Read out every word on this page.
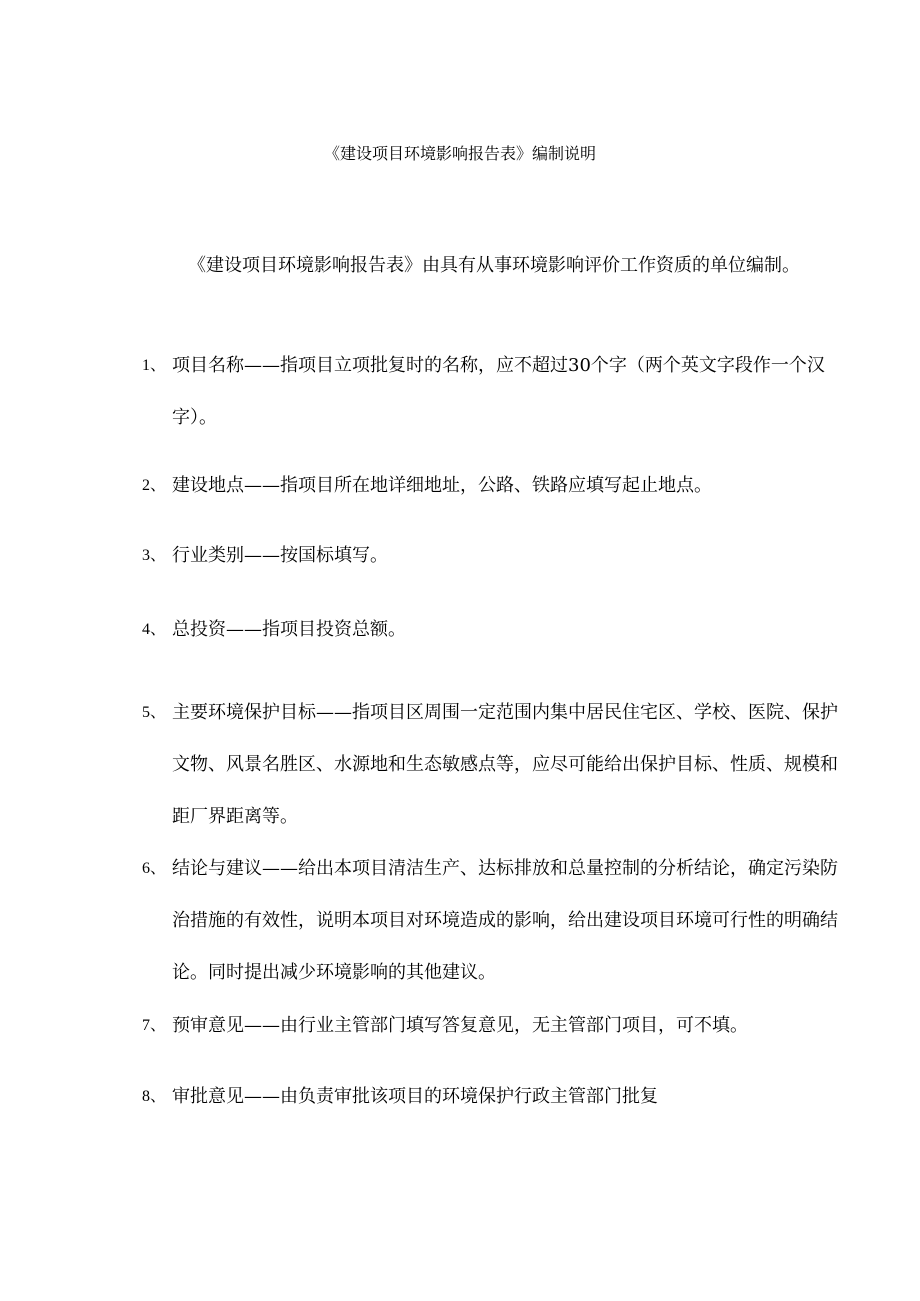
《建设项目环境影响报告表》编制说明
《建设项目环境影响报告表》由具有从事环境影响评价工作资质的单位编制。
1、 项目名称——指项目立项批复时的名称，应不超过30个字（两个英文字段作一个汉字）。
2、 建设地点——指项目所在地详细地址，公路、铁路应填写起止地点。
3、 行业类别——按国标填写。
4、 总投资——指项目投资总额。
5、 主要环境保护目标——指项目区周围一定范围内集中居民住宅区、学校、医院、保护文物、风景名胜区、水源地和生态敏感点等，应尽可能给出保护目标、性质、规模和距厂界距离等。
6、 结论与建议——给出本项目清洁生产、达标排放和总量控制的分析结论，确定污染防治措施的有效性，说明本项目对环境造成的影响，给出建设项目环境可行性的明确结论。同时提出减少环境影响的其他建议。
7、 预审意见——由行业主管部门填写答复意见，无主管部门项目，可不填。
8、 审批意见——由负责审批该项目的环境保护行政主管部门批复
